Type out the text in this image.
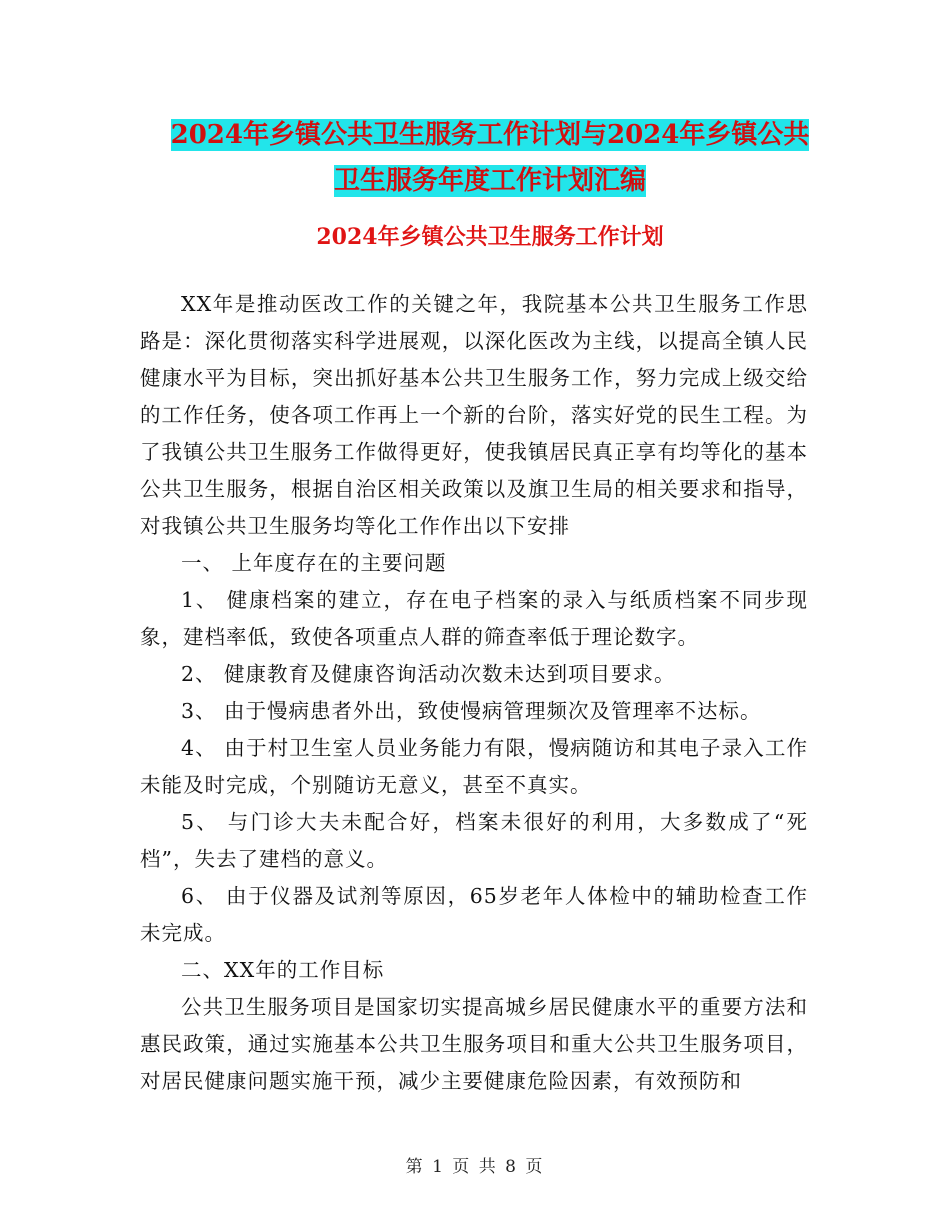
2024年乡镇公共卫生服务工作计划与2024年乡镇公共
卫生服务年度工作计划汇编
2024年乡镇公共卫生服务工作计划

XX年是推动医改工作的关键之年，我院基本公共卫生服务工作思路是：深化贯彻落实科学进展观，以深化医改为主线，以提高全镇人民健康水平为目标，突出抓好基本公共卫生服务工作，努力完成上级交给的工作任务，使各项工作再上一个新的台阶，落实好党的民生工程。为了我镇公共卫生服务工作做得更好，使我镇居民真正享有均等化的基本公共卫生服务，根据自治区相关政策以及旗卫生局的相关要求和指导，对我镇公共卫生服务均等化工作作出以下安排

一、 上年度存在的主要问题

1、 健康档案的建立，存在电子档案的录入与纸质档案不同步现象，建档率低，致使各项重点人群的筛查率低于理论数字。

2、 健康教育及健康咨询活动次数未达到项目要求。

3、 由于慢病患者外出，致使慢病管理频次及管理率不达标。

4、 由于村卫生室人员业务能力有限，慢病随访和其电子录入工作未能及时完成，个别随访无意义，甚至不真实。

5、 与门诊大夫未配合好，档案未很好的利用，大多数成了“死档”，失去了建档的意义。

6、 由于仪器及试剂等原因，65岁老年人体检中的辅助检查工作未完成。

二、XX年的工作目标

公共卫生服务项目是国家切实提高城乡居民健康水平的重要方法和惠民政策，通过实施基本公共卫生服务项目和重大公共卫生服务项目，对居民健康问题实施干预，减少主要健康危险因素，有效预防和

第 1 页 共 8 页
